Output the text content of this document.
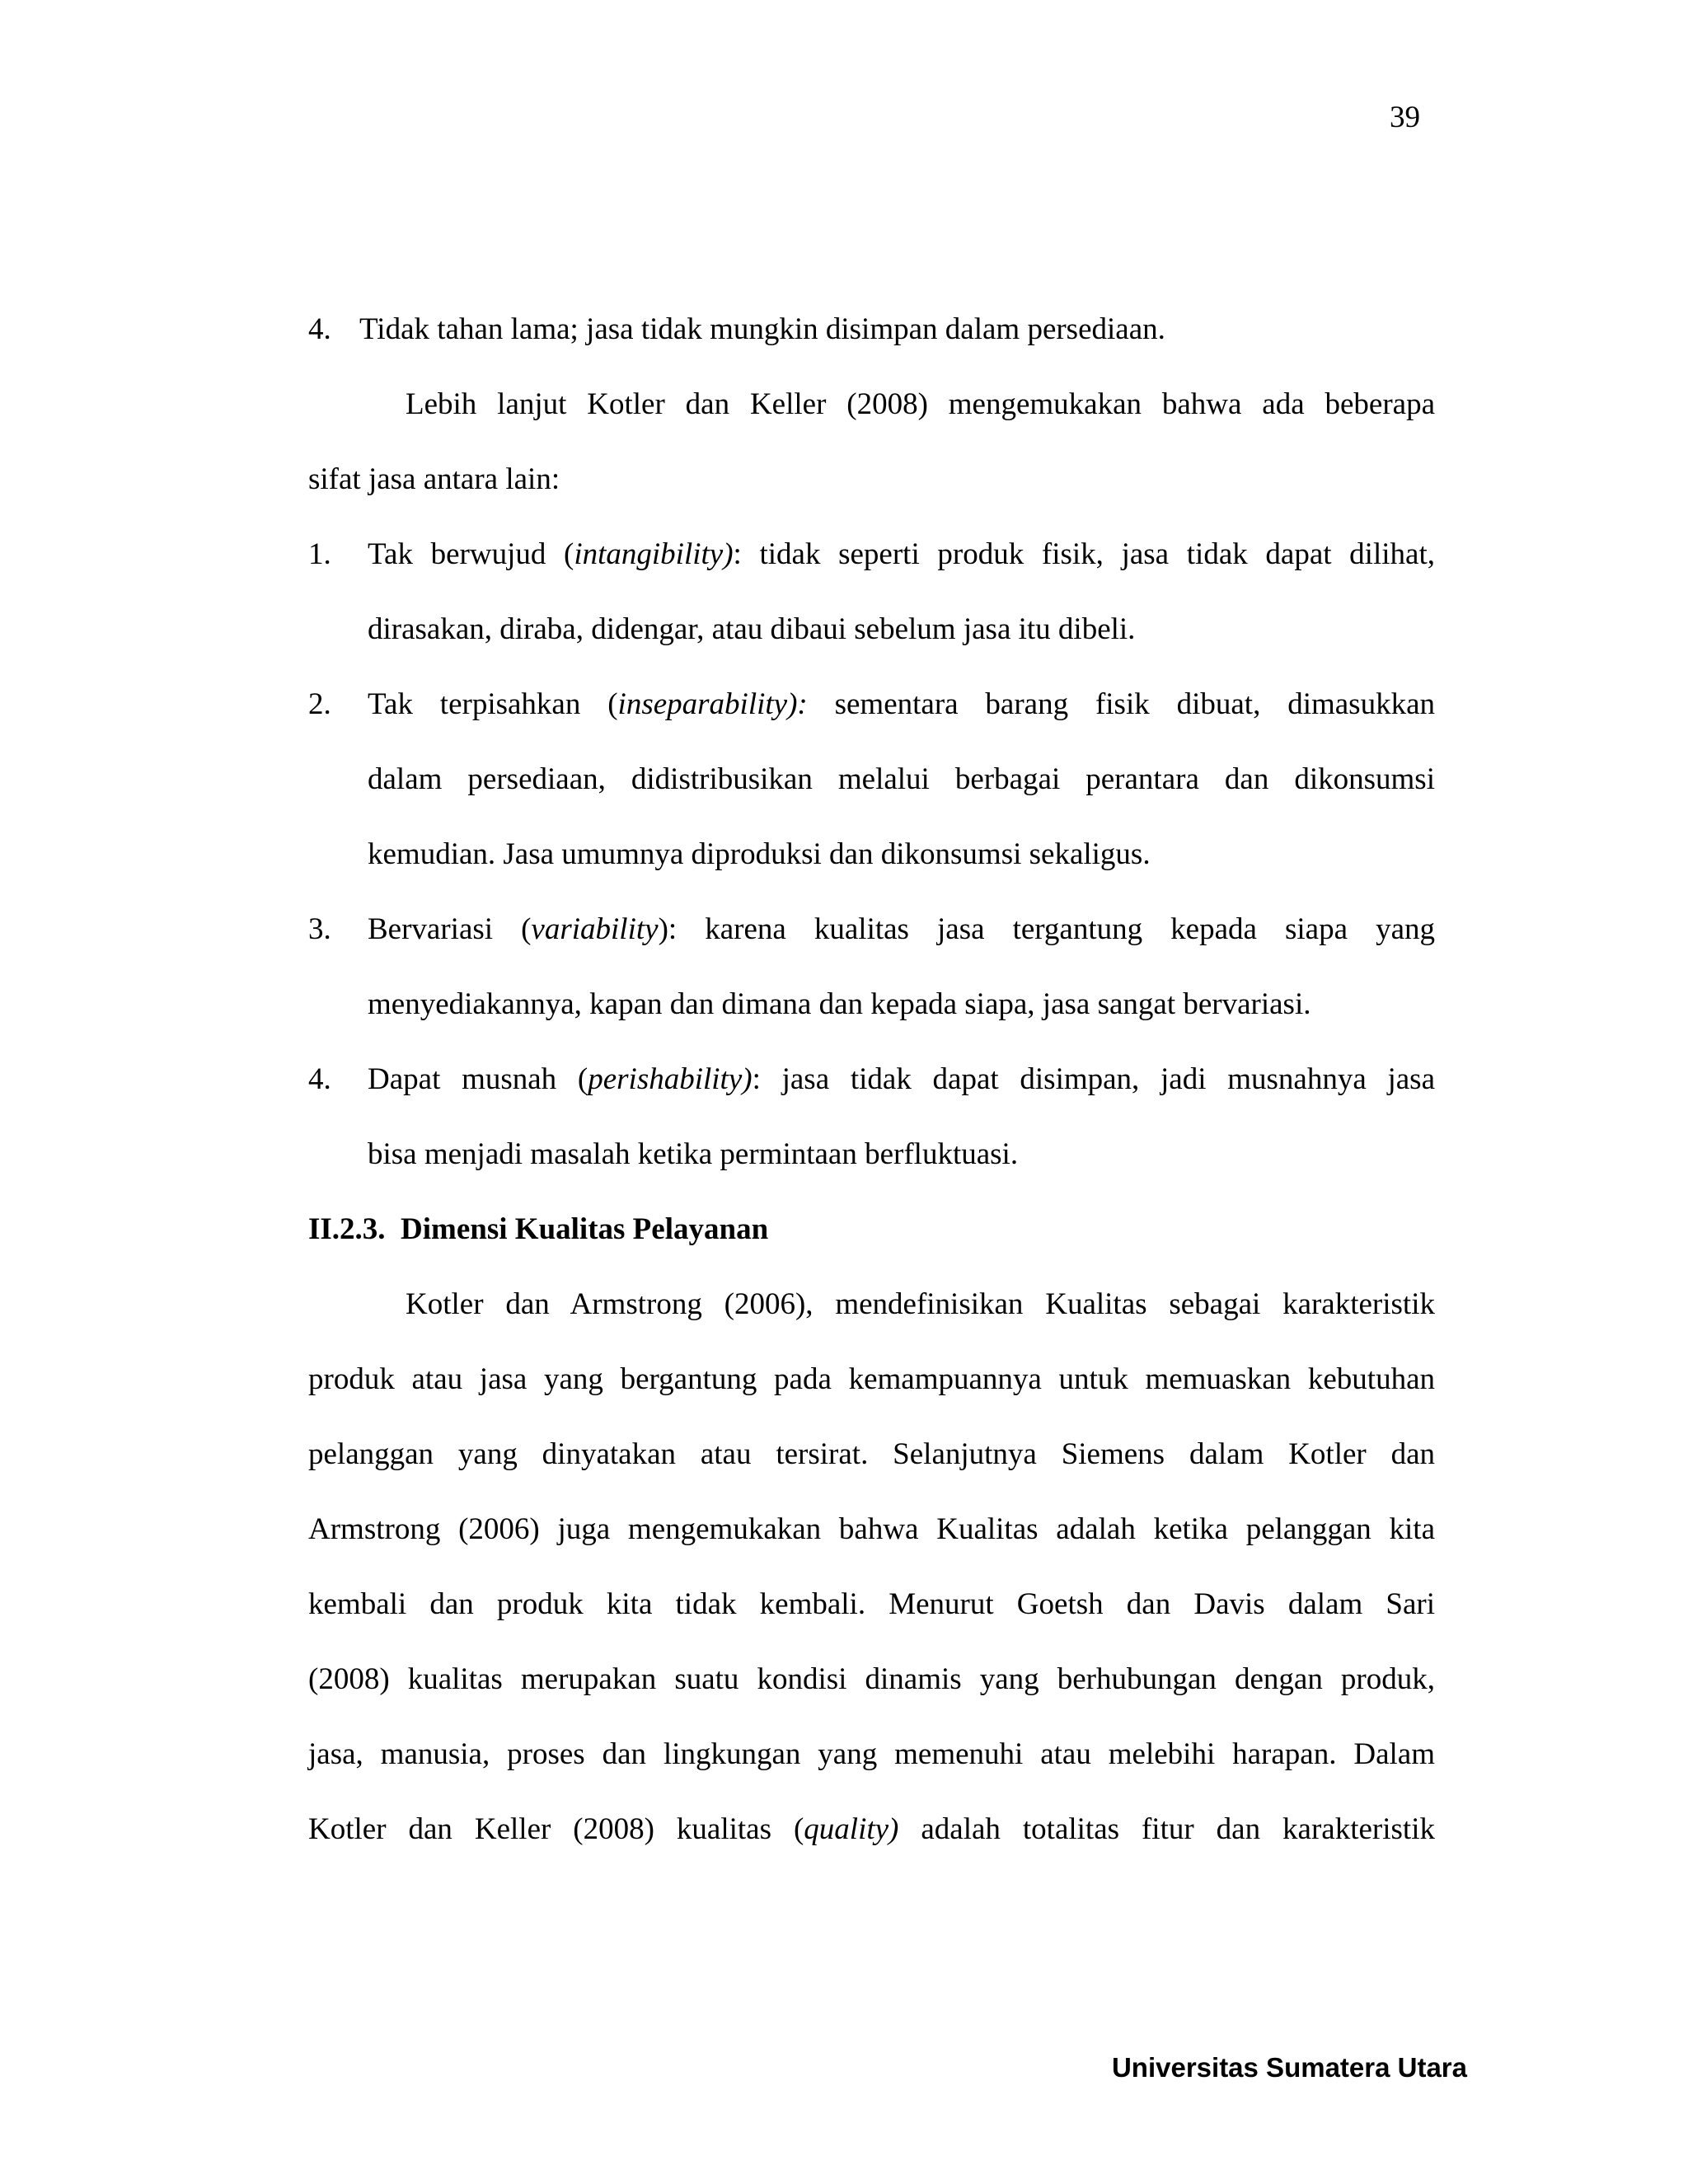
39
4. Tidak tahan lama; jasa tidak mungkin disimpan dalam persediaan.
Lebih lanjut Kotler dan Keller (2008) mengemukakan bahwa ada beberapa
sifat jasa antara lain:
1. Tak berwujud (intangibility): tidak seperti produk fisik, jasa tidak dapat dilihat,
dirasakan, diraba, didengar, atau dibaui sebelum jasa itu dibeli.
2. Tak terpisahkan (inseparability): sementara barang fisik dibuat, dimasukkan
dalam persediaan, didistribusikan melalui berbagai perantara dan dikonsumsi
kemudian. Jasa umumnya diproduksi dan dikonsumsi sekaligus.
3. Bervariasi (variability): karena kualitas jasa tergantung kepada siapa yang
menyediakannya, kapan dan dimana dan kepada siapa, jasa sangat bervariasi.
4. Dapat musnah (perishability): jasa tidak dapat disimpan, jadi musnahnya jasa
bisa menjadi masalah ketika permintaan berfluktuasi.
II.2.3.  Dimensi Kualitas Pelayanan
Kotler dan Armstrong (2006), mendefinisikan Kualitas sebagai karakteristik
produk atau jasa yang bergantung pada kemampuannya untuk memuaskan kebutuhan
pelanggan yang dinyatakan atau tersirat. Selanjutnya Siemens dalam Kotler dan
Armstrong (2006) juga mengemukakan bahwa Kualitas adalah ketika pelanggan kita
kembali dan produk kita tidak kembali. Menurut Goetsh dan Davis dalam Sari
(2008) kualitas merupakan suatu kondisi dinamis yang berhubungan dengan produk,
jasa, manusia, proses dan lingkungan yang memenuhi atau melebihi harapan. Dalam
Kotler dan Keller (2008) kualitas (quality) adalah totalitas fitur dan karakteristik
Universitas Sumatera Utara
